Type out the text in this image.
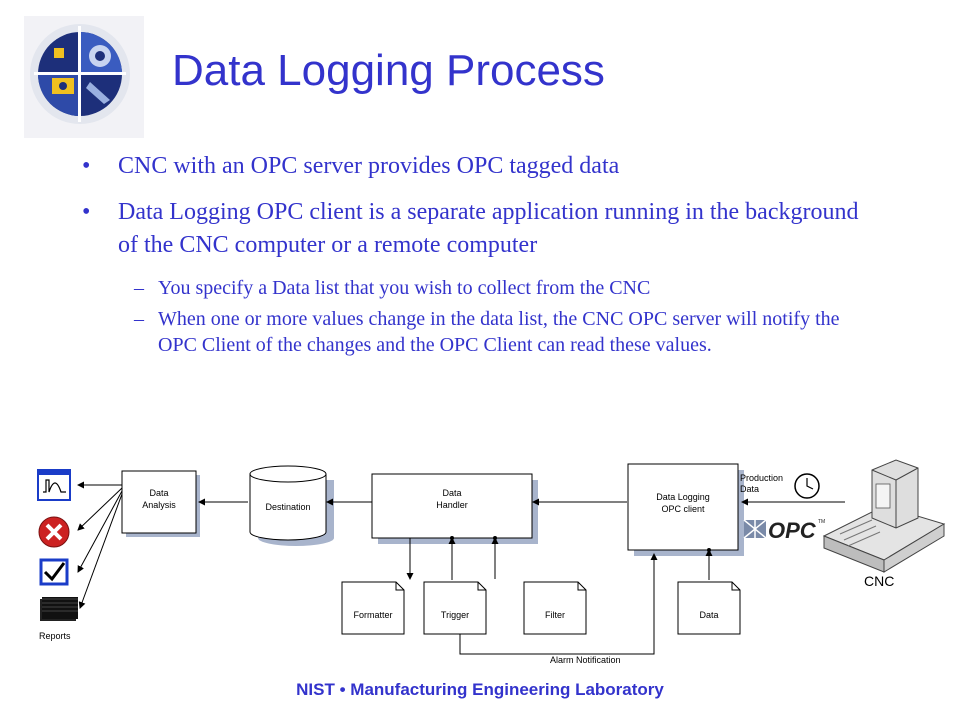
Data Logging Process
• CNC with an OPC server provides OPC tagged data
• Data Logging OPC client is a separate application running in the background of the CNC computer or a remote computer
– You specify a Data list that you wish to collect from the CNC
– When one or more values change in the data list, the CNC OPC server will notify the OPC Client of the changes and the OPC Client can read these values.
Reports
Data
Analysis	Destination
Data
Handler
Data Logging
OPC client
Production
Data
OPC TM
CNC
Formatter	Trigger	Filter	Data
Alarm Notification
NIST • Manufacturing Engineering Laboratory
